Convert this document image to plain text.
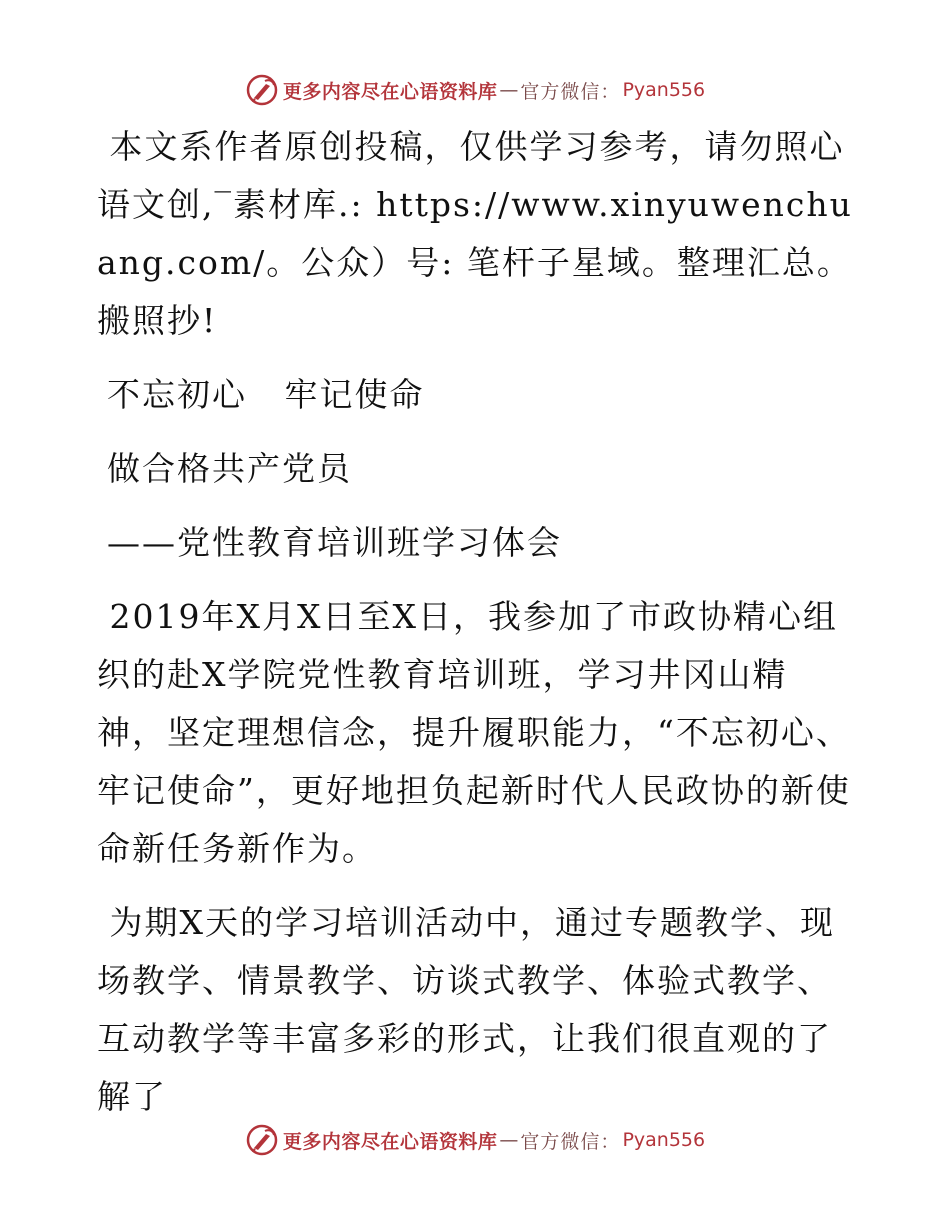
更多内容尽在心语资料库 — 官方微信： Pyan556

本文系作者原创投稿，仅供学习参考，请勿照心语文创,‾素材库.: https://www.xinyuwenchuang.com/。公众）号: 笔杆子星域。整理汇总。搬照抄!

不忘初心   牢记使命

做合格共产党员

——党性教育培训班学习体会

2019年X月X日至X日，我参加了市政协精心组织的赴X学院党性教育培训班，学习井冈山精神，坚定理想信念，提升履职能力，“不忘初心、牢记使命”，更好地担负起新时代人民政协的新使命新任务新作为。

为期X天的学习培训活动中，通过专题教学、现场教学、情景教学、访谈式教学、体验式教学、互动教学等丰富多彩的形式，让我们很直观的了解了

更多内容尽在心语资料库 — 官方微信： Pyan556
